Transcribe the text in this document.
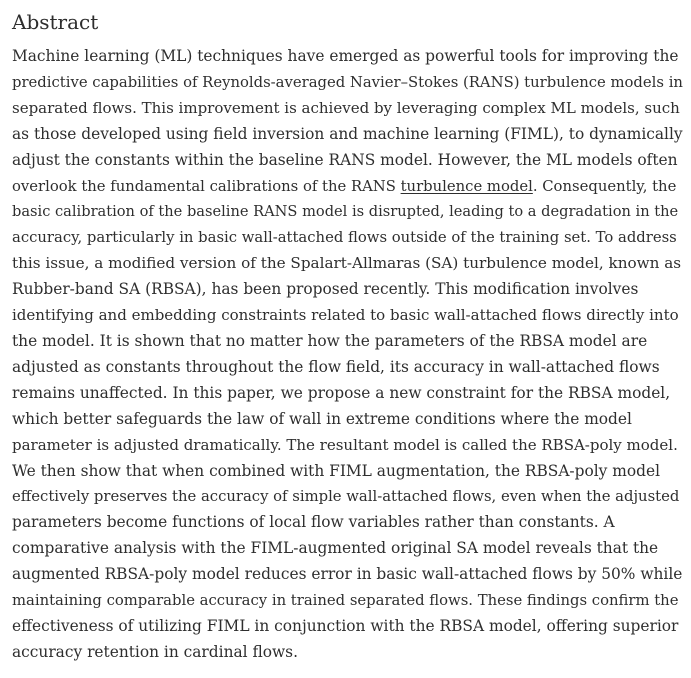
Abstract
Machine learning (ML) techniques have emerged as powerful tools for improving the
predictive capabilities of Reynolds-averaged Navier–Stokes (RANS) turbulence models in
separated flows. This improvement is achieved by leveraging complex ML models, such
as those developed using field inversion and machine learning (FIML), to dynamically
adjust the constants within the baseline RANS model. However, the ML models often
overlook the fundamental calibrations of the RANS turbulence model. Consequently, the
basic calibration of the baseline RANS model is disrupted, leading to a degradation in the
accuracy, particularly in basic wall-attached flows outside of the training set. To address
this issue, a modified version of the Spalart-Allmaras (SA) turbulence model, known as
Rubber-band SA (RBSA), has been proposed recently. This modification involves
identifying and embedding constraints related to basic wall-attached flows directly into
the model. It is shown that no matter how the parameters of the RBSA model are
adjusted as constants throughout the flow field, its accuracy in wall-attached flows
remains unaffected. In this paper, we propose a new constraint for the RBSA model,
which better safeguards the law of wall in extreme conditions where the model
parameter is adjusted dramatically. The resultant model is called the RBSA-poly model.
We then show that when combined with FIML augmentation, the RBSA-poly model
effectively preserves the accuracy of simple wall-attached flows, even when the adjusted
parameters become functions of local flow variables rather than constants. A
comparative analysis with the FIML-augmented original SA model reveals that the
augmented RBSA-poly model reduces error in basic wall-attached flows by 50% while
maintaining comparable accuracy in trained separated flows. These findings confirm the
effectiveness of utilizing FIML in conjunction with the RBSA model, offering superior
accuracy retention in cardinal flows.
